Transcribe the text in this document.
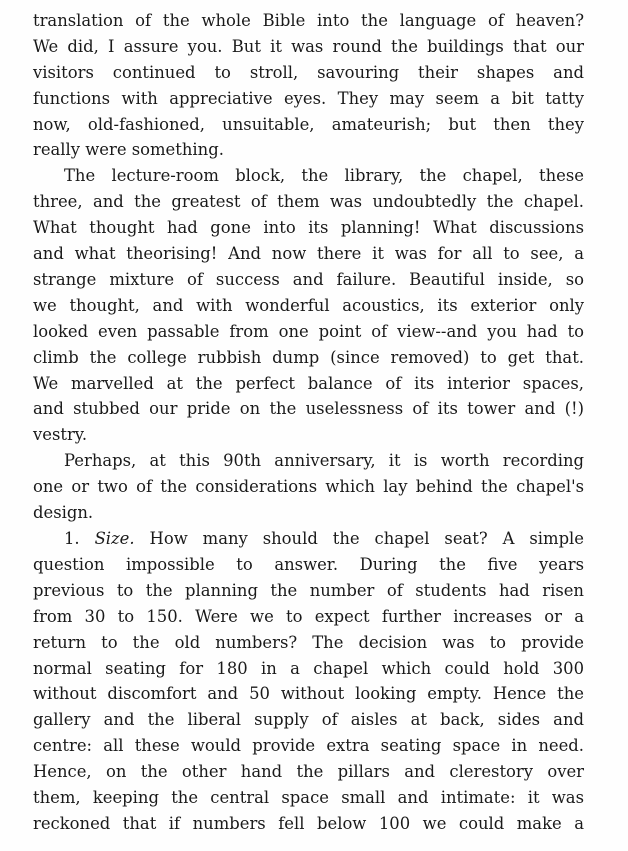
translation of the whole Bible into the language of heaven?
We did, I assure you. But it was round the buildings that our
visitors continued to stroll, savouring their shapes and
functions with appreciative eyes. They may seem a bit tatty
now, old-fashioned, unsuitable, amateurish; but then they
really were something.
The lecture-room block, the library, the chapel, these
three, and the greatest of them was undoubtedly the chapel.
What thought had gone into its planning! What discussions
and what theorising! And now there it was for all to see, a
strange mixture of success and failure. Beautiful inside, so
we thought, and with wonderful acoustics, its exterior only
looked even passable from one point of view--and you had to
climb the college rubbish dump (since removed) to get that.
We marvelled at the perfect balance of its interior spaces,
and stubbed our pride on the uselessness of its tower and (!)
vestry.
Perhaps, at this 90th anniversary, it is worth recording
one or two of the considerations which lay behind the chapel's
design.
1. Size. How many should the chapel seat? A simple
question impossible to answer. During the five years
previous to the planning the number of students had risen
from 30 to 150. Were we to expect further increases or a
return to the old numbers? The decision was to provide
normal seating for 180 in a chapel which could hold 300
without discomfort and 50 without looking empty. Hence the
gallery and the liberal supply of aisles at back, sides and
centre: all these would provide extra seating space in need.
Hence, on the other hand the pillars and clerestory over
them, keeping the central space small and intimate: it was
reckoned that if numbers fell below 100 we could make a
